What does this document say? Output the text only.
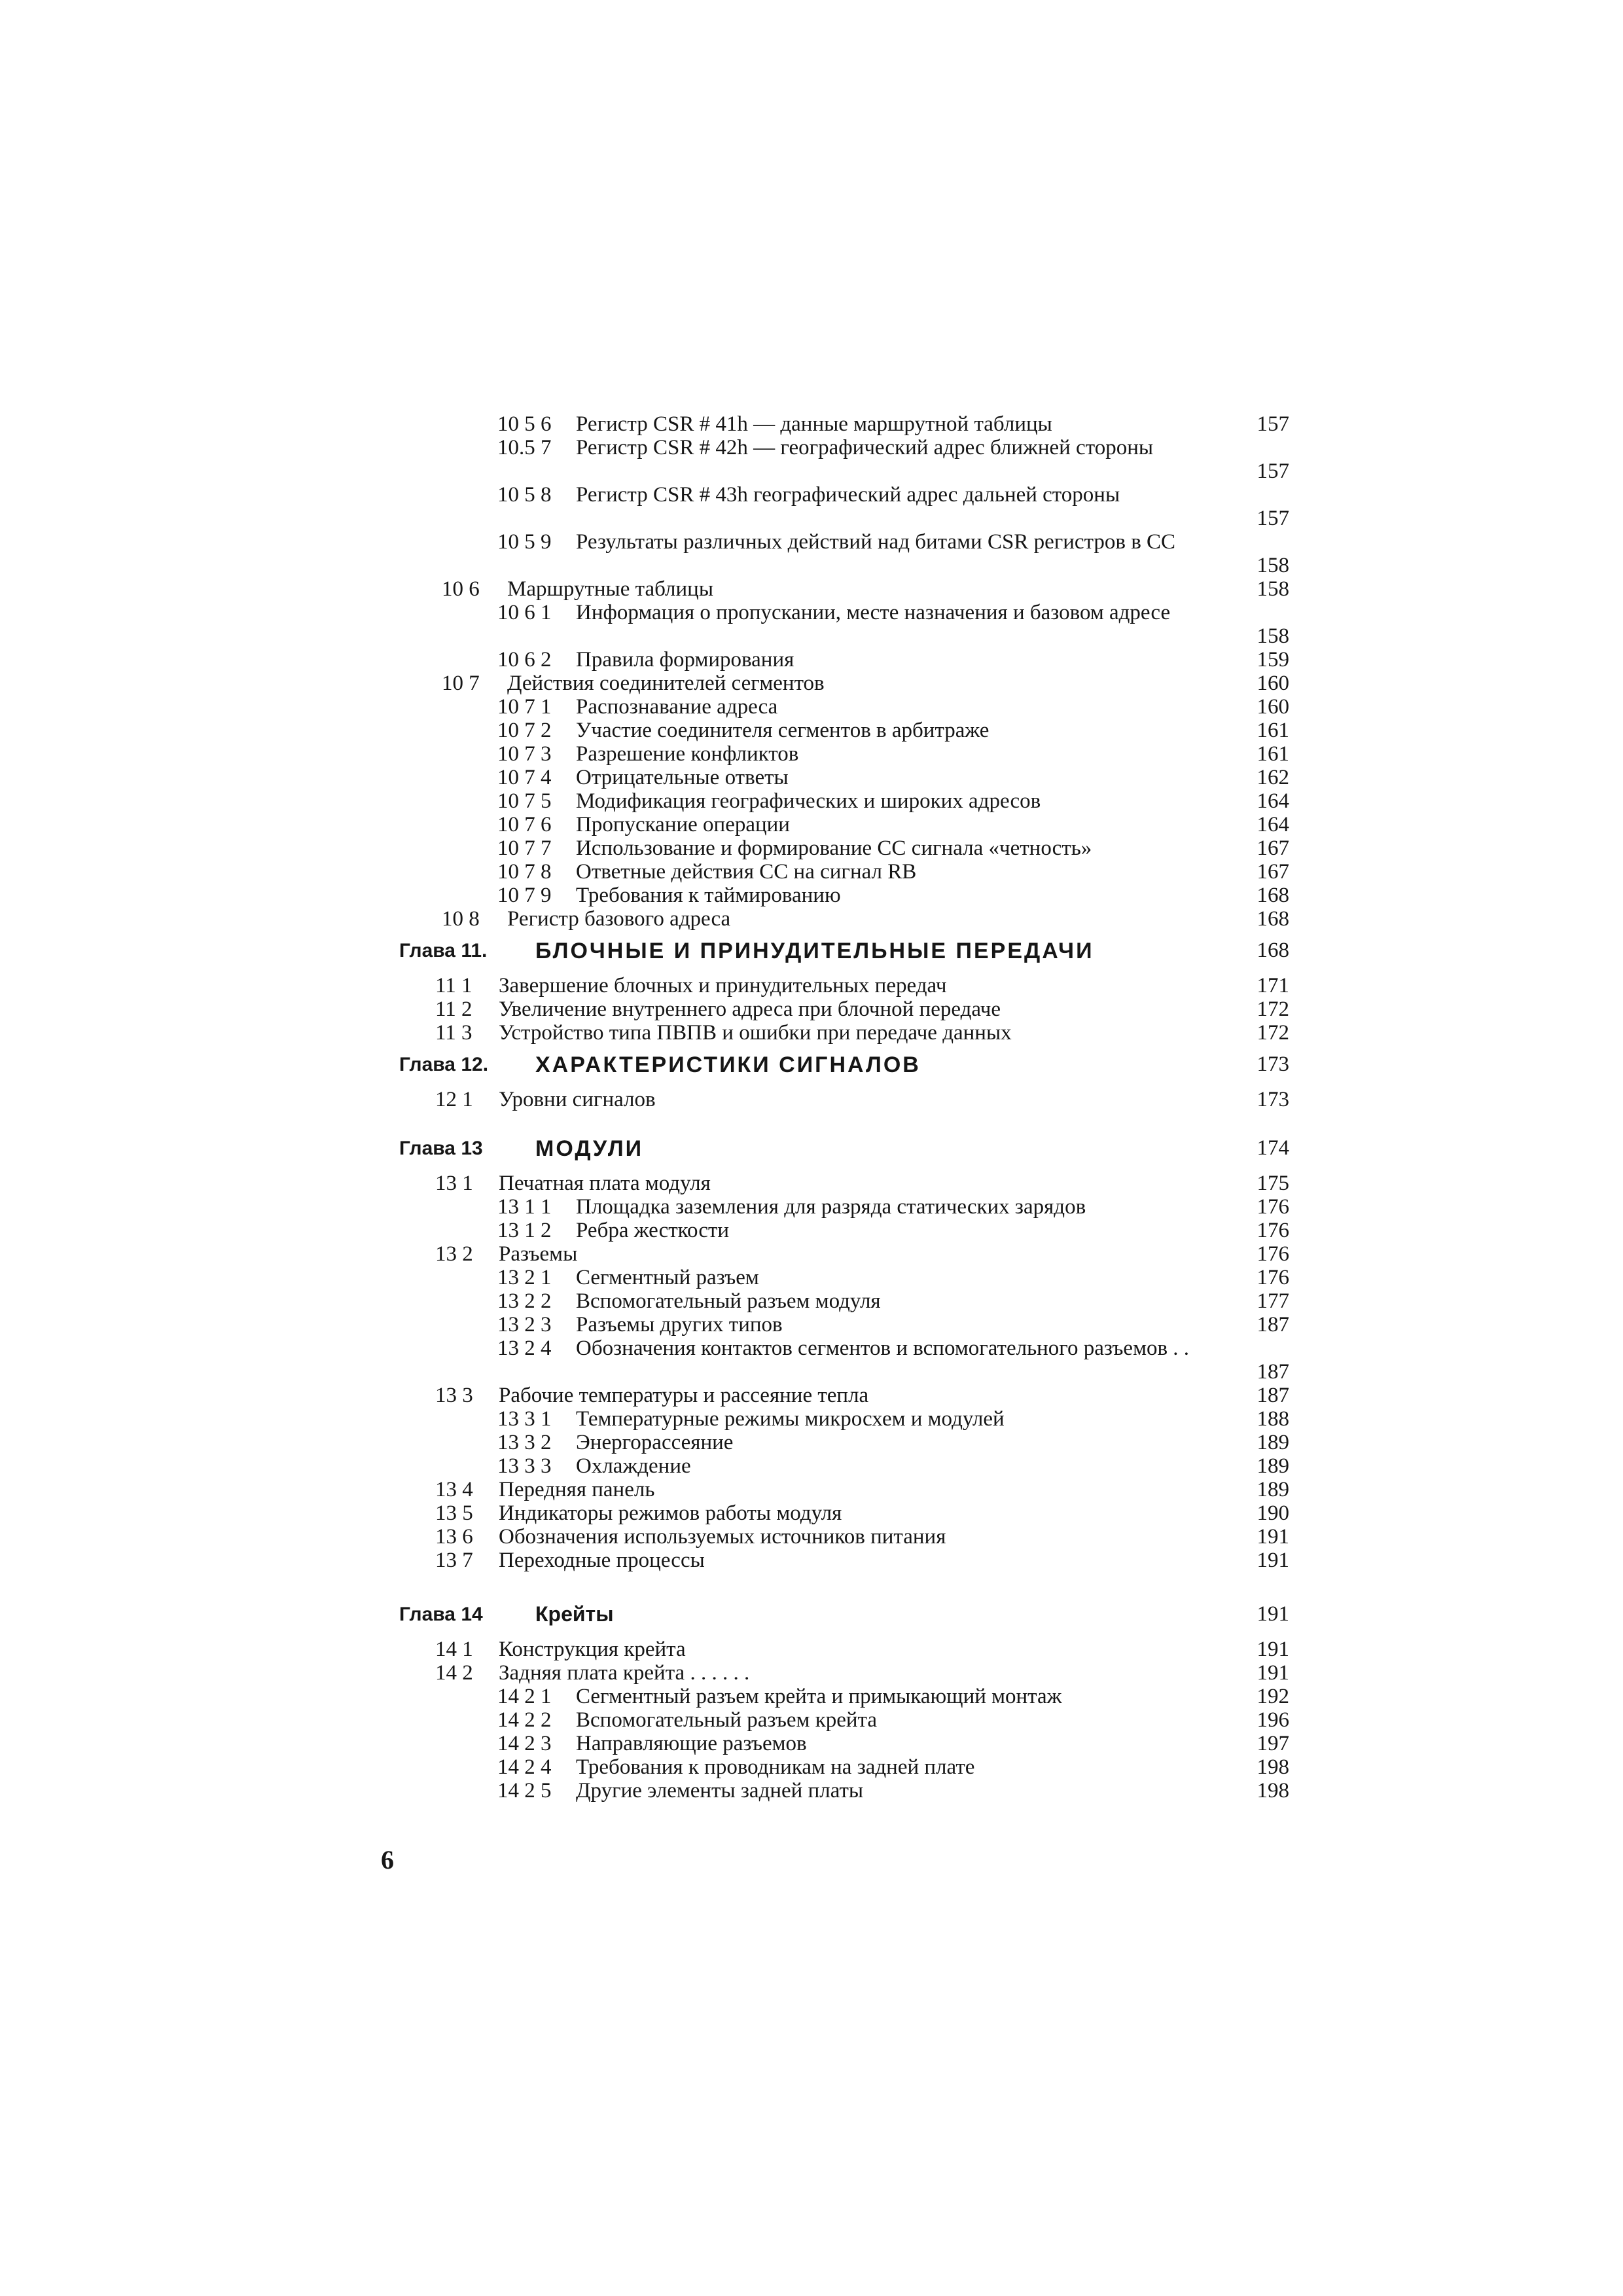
10 5 6 Регистр CSR # 41h — данные маршрутной таблицы	157
10.5 7 Регистр CSR # 42h — географический адрес ближней стороны
157
10 5 8 Регистр CSR # 43h географический адрес дальней стороны
157
10 5 9 Результаты различных действий над битами CSR регистров в СС
158
10 6 Маршрутные таблицы	158
10 6 1 Информация о пропускании, месте назначения и базовом адресе
158
10 6 2 Правила формирования	159
10 7 Действия соединителей сегментов	160
10 7 1 Распознавание адреса	160
10 7 2 Участие соединителя сегментов в арбитраже	161
10 7 3 Разрешение конфликтов	161
10 7 4 Отрицательные ответы	162
10 7 5 Модификация географических и широких адресов	164
10 7 6 Пропускание операции	164
10 7 7 Использование и формирование СС сигнала «четность»	167
10 7 8 Ответные действия СС на сигнал RB	167
10 7 9 Требования к таймированию	168
10 8 Регистр базового адреса	168
Глава 11. БЛОЧНЫЕ И ПРИНУДИТЕЛЬНЫЕ ПЕРЕДАЧИ	168
11 1 Завершение блочных и принудительных передач	171
11 2 Увеличение внутреннего адреса при блочной передаче	172
11 3 Устройство типа ПВПВ и ошибки при передаче данных	172
Глава 12. ХАРАКТЕРИСТИКИ СИГНАЛОВ	173
12 1 Уровни сигналов	173
Глава 13 МОДУЛИ	174
13 1 Печатная плата модуля	175
13 1 1 Площадка заземления для разряда статических зарядов	176
13 1 2 Ребра жесткости	176
13 2 Разъемы	176
13 2 1 Сегментный разъем	176
13 2 2 Вспомогательный разъем модуля	177
13 2 3 Разъемы других типов	187
13 2 4 Обозначения контактов сегментов и вспомогательного разъемов . .
187
13 3 Рабочие температуры и рассеяние тепла	187
13 3 1 Температурные режимы микросхем и модулей	188
13 3 2 Энергорассеяние	189
13 3 3 Охлаждение	189
13 4 Передняя панель	189
13 5 Индикаторы режимов работы модуля	190
13 6 Обозначения используемых источников питания	191
13 7 Переходные процессы	191
Глава 14	Крейты	191
14 1 Конструкция крейта	191
14 2 Задняя плата крейта . . . . . .	191
14 2 1 Сегментный разъем крейта и примыкающий монтаж	192
14 2 2 Вспомогательный разъем крейта	196
14 2 3 Направляющие разъемов	197
14 2 4 Требования к проводникам на задней плате	198
14 2 5 Другие элементы задней платы	198
6
